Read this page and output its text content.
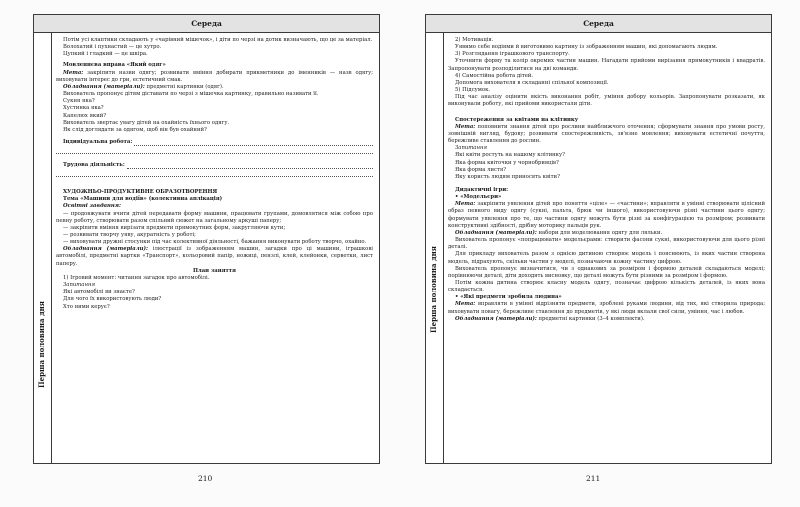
Середа
Перша половина дня

Потім усі клаптики складають у «чарівний мішечок», і діти по черзі на дотик визначають, що це за матеріал.

Волохатий і пухнастий — це хутро.

Цупкий і гладкий — це шкіра.

Мовленнєва вправа «Який одяг»

Мета: закріпити назви одягу; розвивати вміння добирати прикметники до іменників — назв одягу; виховувати інтерес до гри, естетичний смак.

Обладнання (матеріали): предметні картинки (одяг).

Вихователь пропонує дітям діставати по черзі з мішечка картинку, правильно називати її.

Сукня яка?

Хустинка яка?

Капелюх який?

Вихователь звертає увагу дітей на охайність їхнього одягу.

Як слід доглядати за одягом, щоб він був охайний?

Індивідуальна робота:
Трудова діяльність:

ХУДОЖНЬО-ПРОДУКТИВНЕ ОБРАЗОТВОРЕННЯ

Тема «Машини для водіїв» (колективна аплікація)

Освітні завдання:

— продовжувати вчити дітей передавати форму машини, працювати групами, домовлятися між собою про певну роботу, створювати разом спільний сюжет на загальному аркуші паперу;

— закріпити вміння вирізати предмети прямокутних форм, закругляючи кути;

— розвивати творчу уяву, акуратність у роботі;

— виховувати дружні стосунки під час колективної діяльності, бажання виконувати роботу творчо, охайно.

Обладнання (матеріали): ілюстрації із зображенням машин, загадки про ці машини, іграшкові автомобілі, предметні картки «Транспорт», кольоровий папір, ножиці, пензлі, клей, клейонки, серветки, лист паперу.

План заняття

1) Ігровий момент: читання загадок про автомобілі.

Запитання

Які автомобілі ви знаєте?

Для чого їх використовують люди?

Хто ними керує?

Середа
Перша половина дня

2) Мотивація.

Уявимо себе водіями й виготовимо картину із зображенням машин, які допомагають людям.

3) Розглядання іграшкового транспорту.

Уточнити форму та колір окремих частин машин. Нагадати прийоми вирізання прямокутників і квадратів. Запропонувати розподілитися на дві команди.

4) Самостійна робота дітей.

Допомога вихователя в складанні спільної композиції.

5) Підсумок.

Під час аналізу оцінити якість виконання робіт, уміння добору кольорів. Запропонувати розказати, як виконували роботу, які прийоми використали діти.

Спостереження за квітами на клітинку

Мета: поповнити знання дітей про рослини найближчого оточення; сформувати знання про умови росту, зовнішній вигляд, будову; розвивати спостережливість, зв'язне мовлення; виховувати естетичні почуття, бережливе ставлення до рослин.

Запитання

Які квіти ростуть на нашому клітинку?

Яка форма квіточки у чорнобривців?

Яка форма листя?

Яку користь людям приносять квіти?

Дидактичні ігри:

• «Модельєри»

Мета: закріпити уявлення дітей про поняття «ціле» — «частини»; вправляти в умінні створювати цілісний образ певного виду одягу (сукні, пальта, брюк чи іншого), використовуючи різні частини цього одягу; формувати уявлення про те, що частини одягу можуть бути різні за конфігурацією та розміром; розвивати конструктивні здібності, дрібну моторику пальців рук.

Обладнання (матеріали): набори для моделювання одягу для ляльки.

Вихователь пропонує «попрацювати» модельєрами: створити фасони сукні, використовуючи для цього різні деталі.

Для прикладу вихователь разом з однією дитиною створює модель і пояснюють, із яких частин створена модель, підрахують, скільки частин у моделі, позначаючи кожну частину цифрою.

Вихователь пропонує визначитися, чи з однакових за розміром і формою деталей складаються моделі; порівнюючи деталі, діти доходять висновку, що деталі можуть бути різними за розміром і формою.

Потім кожна дитина створює класну модель одягу, позначає цифрою кількість деталей, із яких вона складається.

• «Які предмети зробила людина»

Мета: вправляти в умінні відрізняти предмети, зроблені руками людини, від тих, які створила природа; виховувати повагу, бережливе ставлення до предметів, у які люди вклали свої сили, уміння, час і любов.

Обладнання (матеріали): предметні картинки (3–4 комплекти).

210	211
